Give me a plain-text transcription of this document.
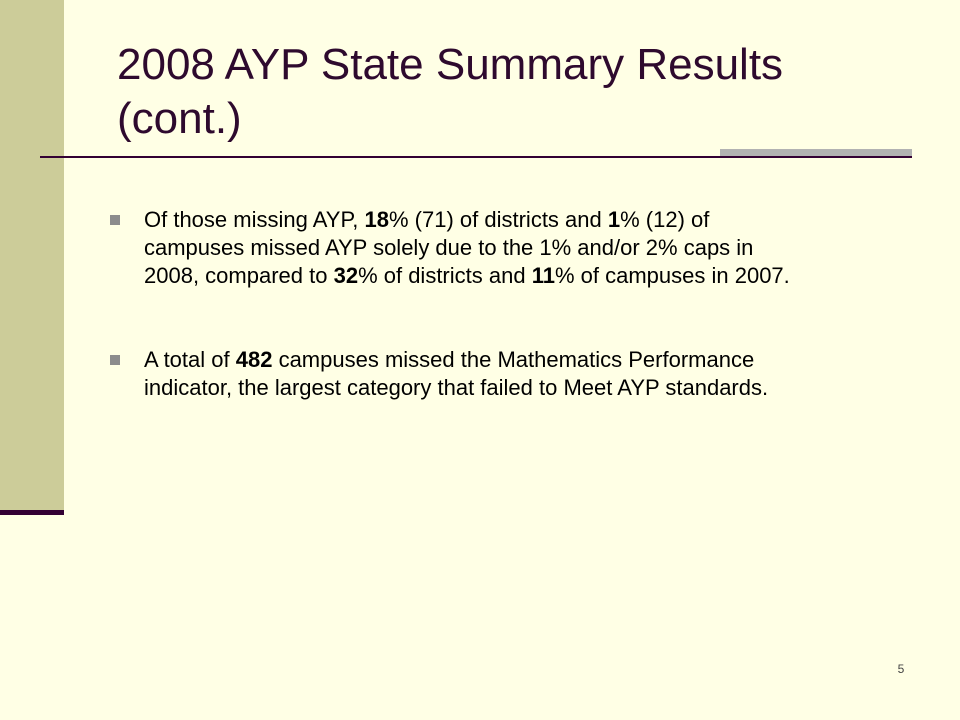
2008 AYP State Summary Results
(cont.)
Of those missing AYP, 18% (71) of districts and 1% (12) of campuses missed AYP solely due to the 1% and/or 2% caps in 2008, compared to 32% of districts and 11% of campuses in 2007.
A total of 482 campuses missed the Mathematics Performance indicator, the largest category that failed to Meet AYP standards.
5
